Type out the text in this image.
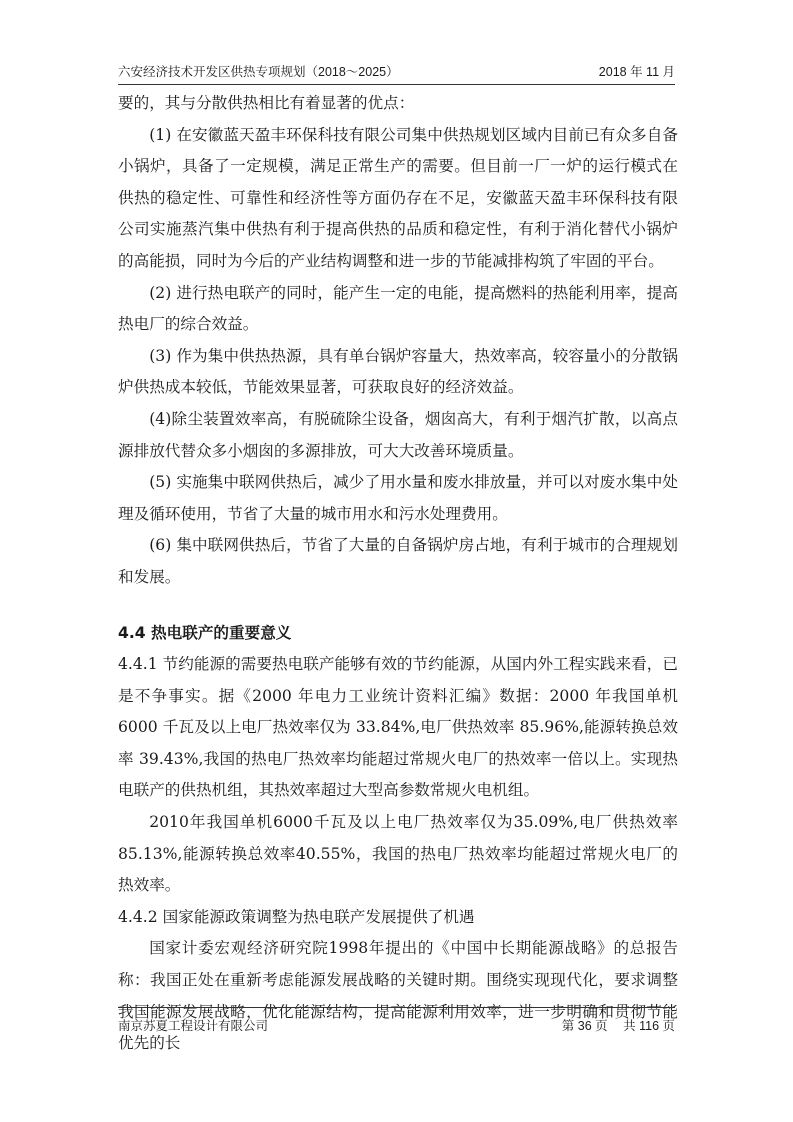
六安经济技术开发区供热专项规划（2018～2025）	2018 年 11 月

要的，其与分散供热相比有着显著的优点：

(1) 在安徽蓝天盈丰环保科技有限公司集中供热规划区域内目前已有众多自备小锅炉，具备了一定规模，满足正常生产的需要。但目前一厂一炉的运行模式在供热的稳定性、可靠性和经济性等方面仍存在不足，安徽蓝天盈丰环保科技有限公司实施蒸汽集中供热有利于提高供热的品质和稳定性，有利于消化替代小锅炉的高能损，同时为今后的产业结构调整和进一步的节能减排构筑了牢固的平台。

(2) 进行热电联产的同时，能产生一定的电能，提高燃料的热能利用率，提高热电厂的综合效益。

(3) 作为集中供热热源，具有单台锅炉容量大，热效率高，较容量小的分散锅炉供热成本较低，节能效果显著，可获取良好的经济效益。

(4)除尘装置效率高，有脱硫除尘设备，烟囱高大，有利于烟汽扩散，以高点源排放代替众多小烟囱的多源排放，可大大改善环境质量。

(5) 实施集中联网供热后，减少了用水量和废水排放量，并可以对废水集中处理及循环使用，节省了大量的城市用水和污水处理费用。

(6) 集中联网供热后，节省了大量的自备锅炉房占地，有利于城市的合理规划和发展。

4.4 热电联产的重要意义

4.4.1 节约能源的需要热电联产能够有效的节约能源，从国内外工程实践来看，已是不争事实。据《2000 年电力工业统计资料汇编》数据：2000 年我国单机 6000 千瓦及以上电厂热效率仅为 33.84%,电厂供热效率 85.96%,能源转换总效率 39.43%,我国的热电厂热效率均能超过常规火电厂的热效率一倍以上。实现热电联产的供热机组，其热效率超过大型高参数常规火电机组。

2010年我国单机6000千瓦及以上电厂热效率仅为35.09%,电厂供热效率85.13%,能源转换总效率40.55%，我国的热电厂热效率均能超过常规火电厂的热效率。

4.4.2 国家能源政策调整为热电联产发展提供了机遇

国家计委宏观经济研究院1998年提出的《中国中长期能源战略》的总报告称：我国正处在重新考虑能源发展战略的关键时期。围绕实现现代化，要求调整我国能源发展战略，优化能源结构，提高能源利用效率，进一步明确和贯彻节能优先的长

南京苏夏工程设计有限公司	第 36 页 共 116 页
